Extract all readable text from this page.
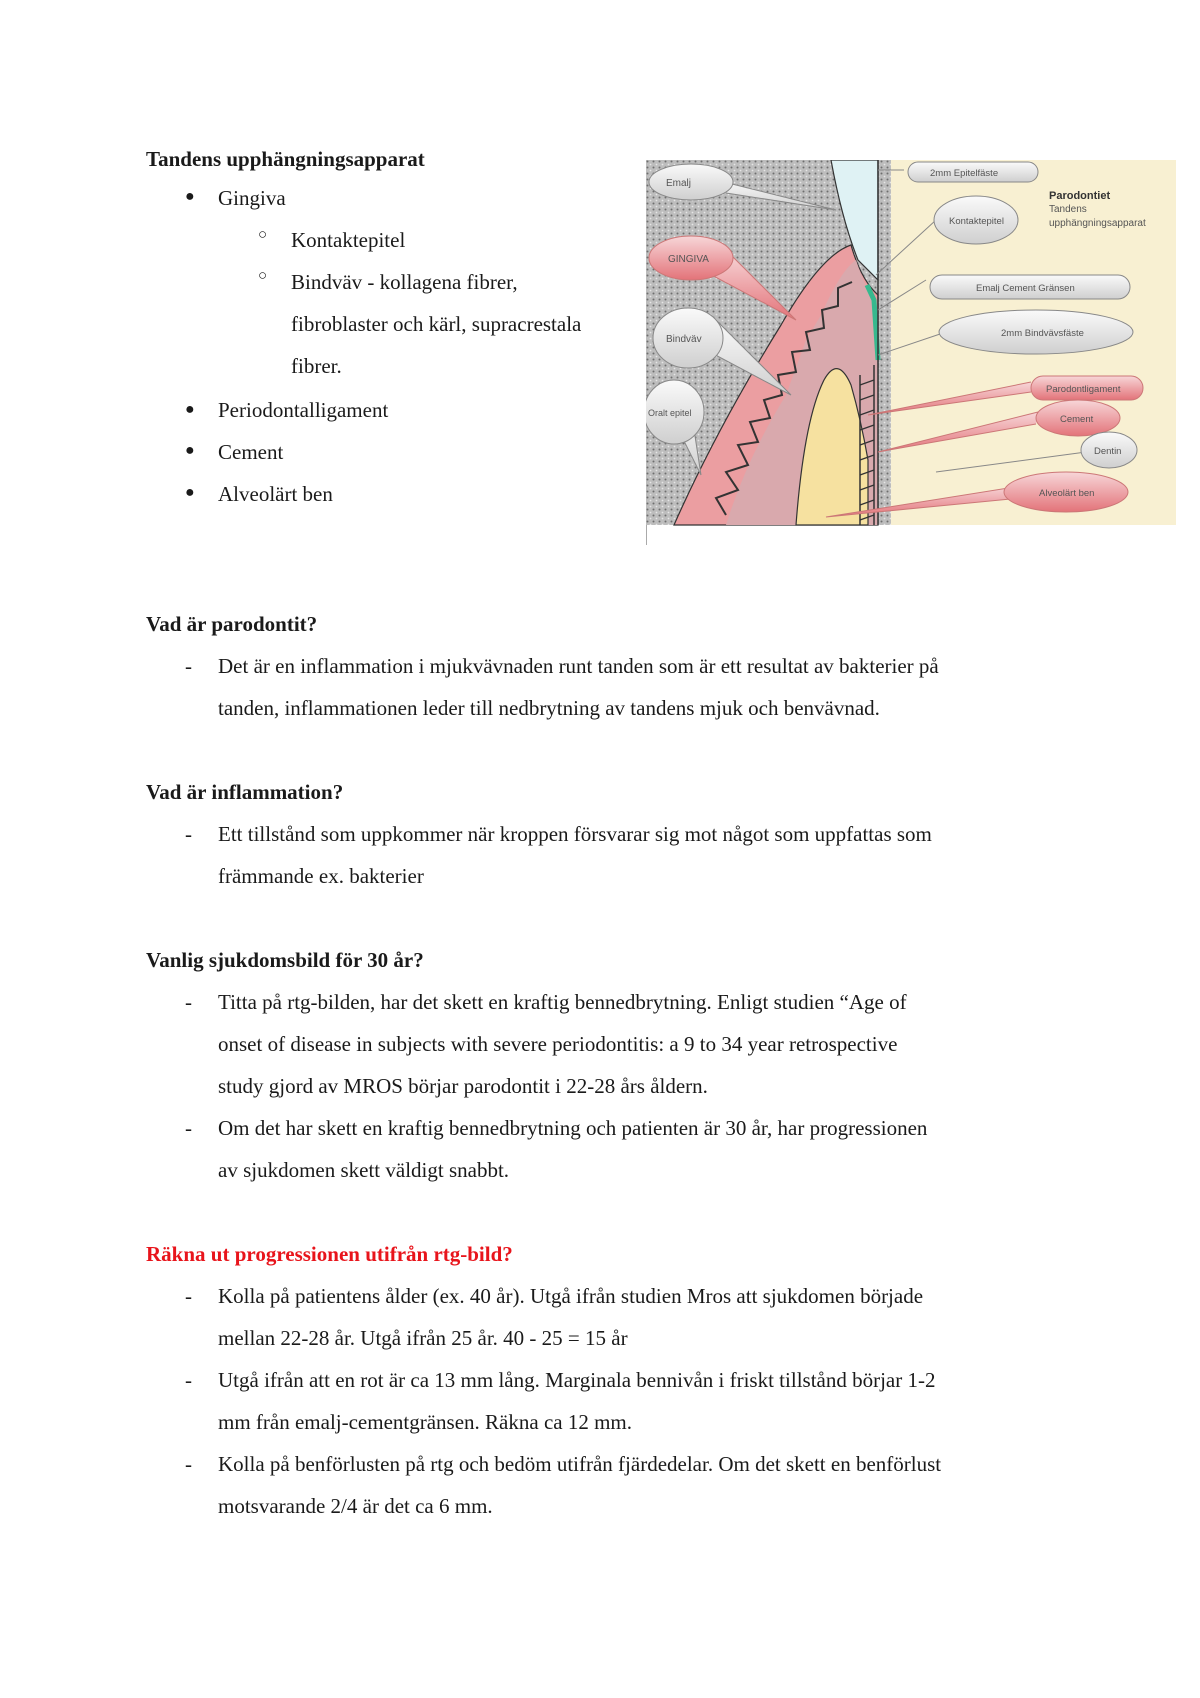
Tandens upphängningsapparat
● Gingiva
○ Kontaktepitel
○ Bindväv - kollagena fibrer,
fibroblaster och kärl, supracrestala
fibrer.
● Periodontalligament
● Cement
● Alveolärt ben
Emalj
GINGIVA
Bindväv
Oralt epitel
2mm Epitelfäste
Kontaktepitel
Emalj Cement Gränsen
2mm Bindvävsfäste
Parodontligament
Cement
Dentin
Alveolärt ben
Parodontiet
Tandens
upphängningsapparat
Vad är parodontit?
- Det är en inflammation i mjukvävnaden runt tanden som är ett resultat av bakterier på
tanden, inflammationen leder till nedbrytning av tandens mjuk och benvävnad.
Vad är inflammation?
- Ett tillstånd som uppkommer när kroppen försvarar sig mot något som uppfattas som
främmande ex. bakterier
Vanlig sjukdomsbild för 30 år?
- Titta på rtg-bilden, har det skett en kraftig bennedbrytning. Enligt studien “Age of
onset of disease in subjects with severe periodontitis: a 9 to 34 year retrospective
study gjord av MROS börjar parodontit i 22-28 års åldern.
- Om det har skett en kraftig bennedbrytning och patienten är 30 år, har progressionen
av sjukdomen skett väldigt snabbt.
Räkna ut progressionen utifrån rtg-bild?
- Kolla på patientens ålder (ex. 40 år). Utgå ifrån studien Mros att sjukdomen började
mellan 22-28 år. Utgå ifrån 25 år. 40 - 25 = 15 år
- Utgå ifrån att en rot är ca 13 mm lång. Marginala bennivån i friskt tillstånd börjar 1-2
mm från emalj-cementgränsen. Räkna ca 12 mm.
- Kolla på benförlusten på rtg och bedöm utifrån fjärdedelar. Om det skett en benförlust
motsvarande 2/4 är det ca 6 mm.
